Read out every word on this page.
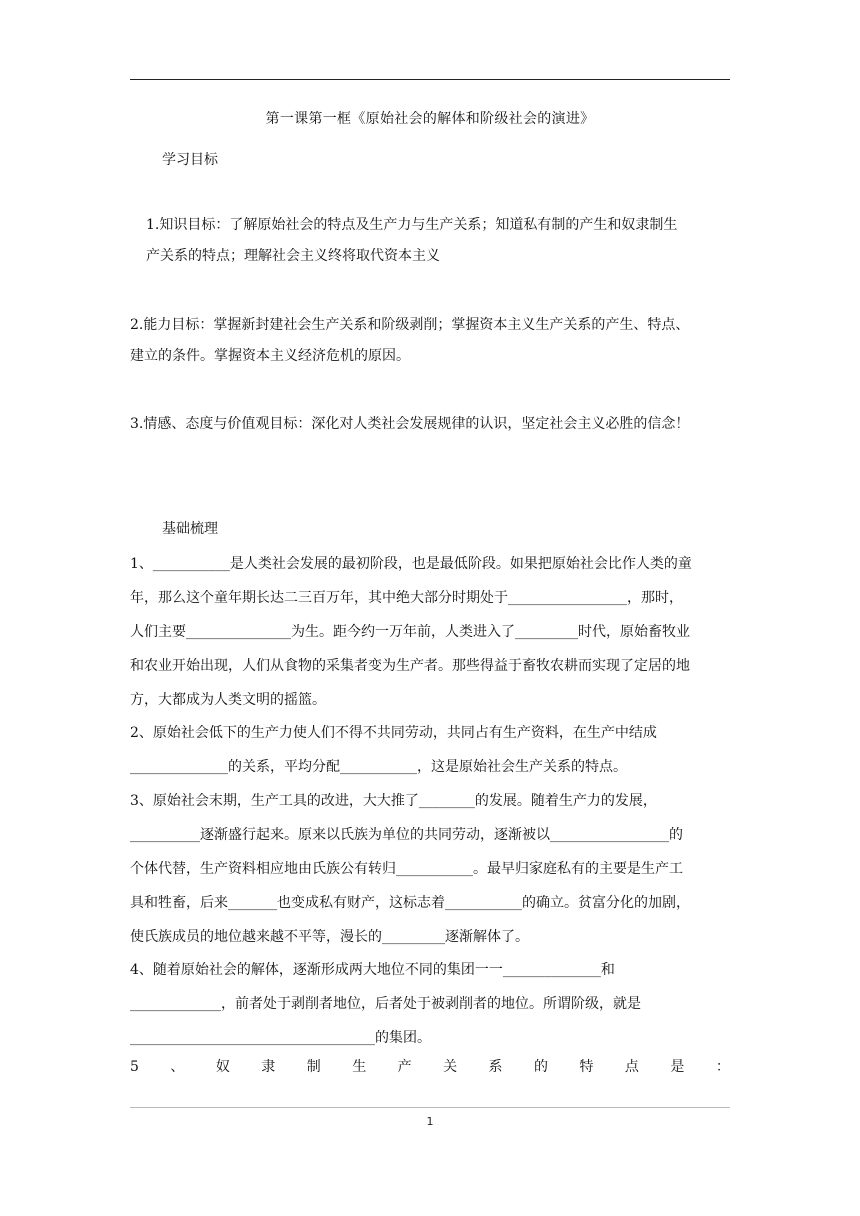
第一课第一框《原始社会的解体和阶级社会的演进》
学习目标
1.知识目标：了解原始社会的特点及生产力与生产关系；知道私有制的产生和奴隶制生
产关系的特点；理解社会主义终将取代资本主义
2.能力目标：掌握新封建社会生产关系和阶级剥削；掌握资本主义生产关系的产生、特点、
建立的条件。掌握资本主义经济危机的原因。
3.情感、态度与价值观目标：深化对人类社会发展规律的认识，坚定社会主义必胜的信念！
基础梳理
1、___________是人类社会发展的最初阶段，也是最低阶段。如果把原始社会比作人类的童
年，那么这个童年期长达二三百万年，其中绝大部分时期处于_________________，那时，
人们主要_______________为生。距今约一万年前，人类进入了_________时代，原始畜牧业
和农业开始出现，人们从食物的采集者变为生产者。那些得益于畜牧农耕而实现了定居的地
方，大都成为人类文明的摇篮。
2、原始社会低下的生产力使人们不得不共同劳动，共同占有生产资料，在生产中结成
______________的关系，平均分配___________，这是原始社会生产关系的特点。
3、原始社会末期，生产工具的改进，大大推了________的发展。随着生产力的发展，
__________逐渐盛行起来。原来以氏族为单位的共同劳动，逐渐被以_________________的
个体代替，生产资料相应地由氏族公有转归___________。最早归家庭私有的主要是生产工
具和牲畜，后来_______也变成私有财产，这标志着___________的确立。贫富分化的加剧，
使氏族成员的地位越来越不平等，漫长的_________逐渐解体了。
4、随着原始社会的解体，逐渐形成两大地位不同的集团一一______________和
_____________，前者处于剥削者地位，后者处于被剥削者的地位。所谓阶级，就是
___________________________________的集团。
5 、 奴 隶 制 生 产 关 系 的 特 点 是 ：
1
